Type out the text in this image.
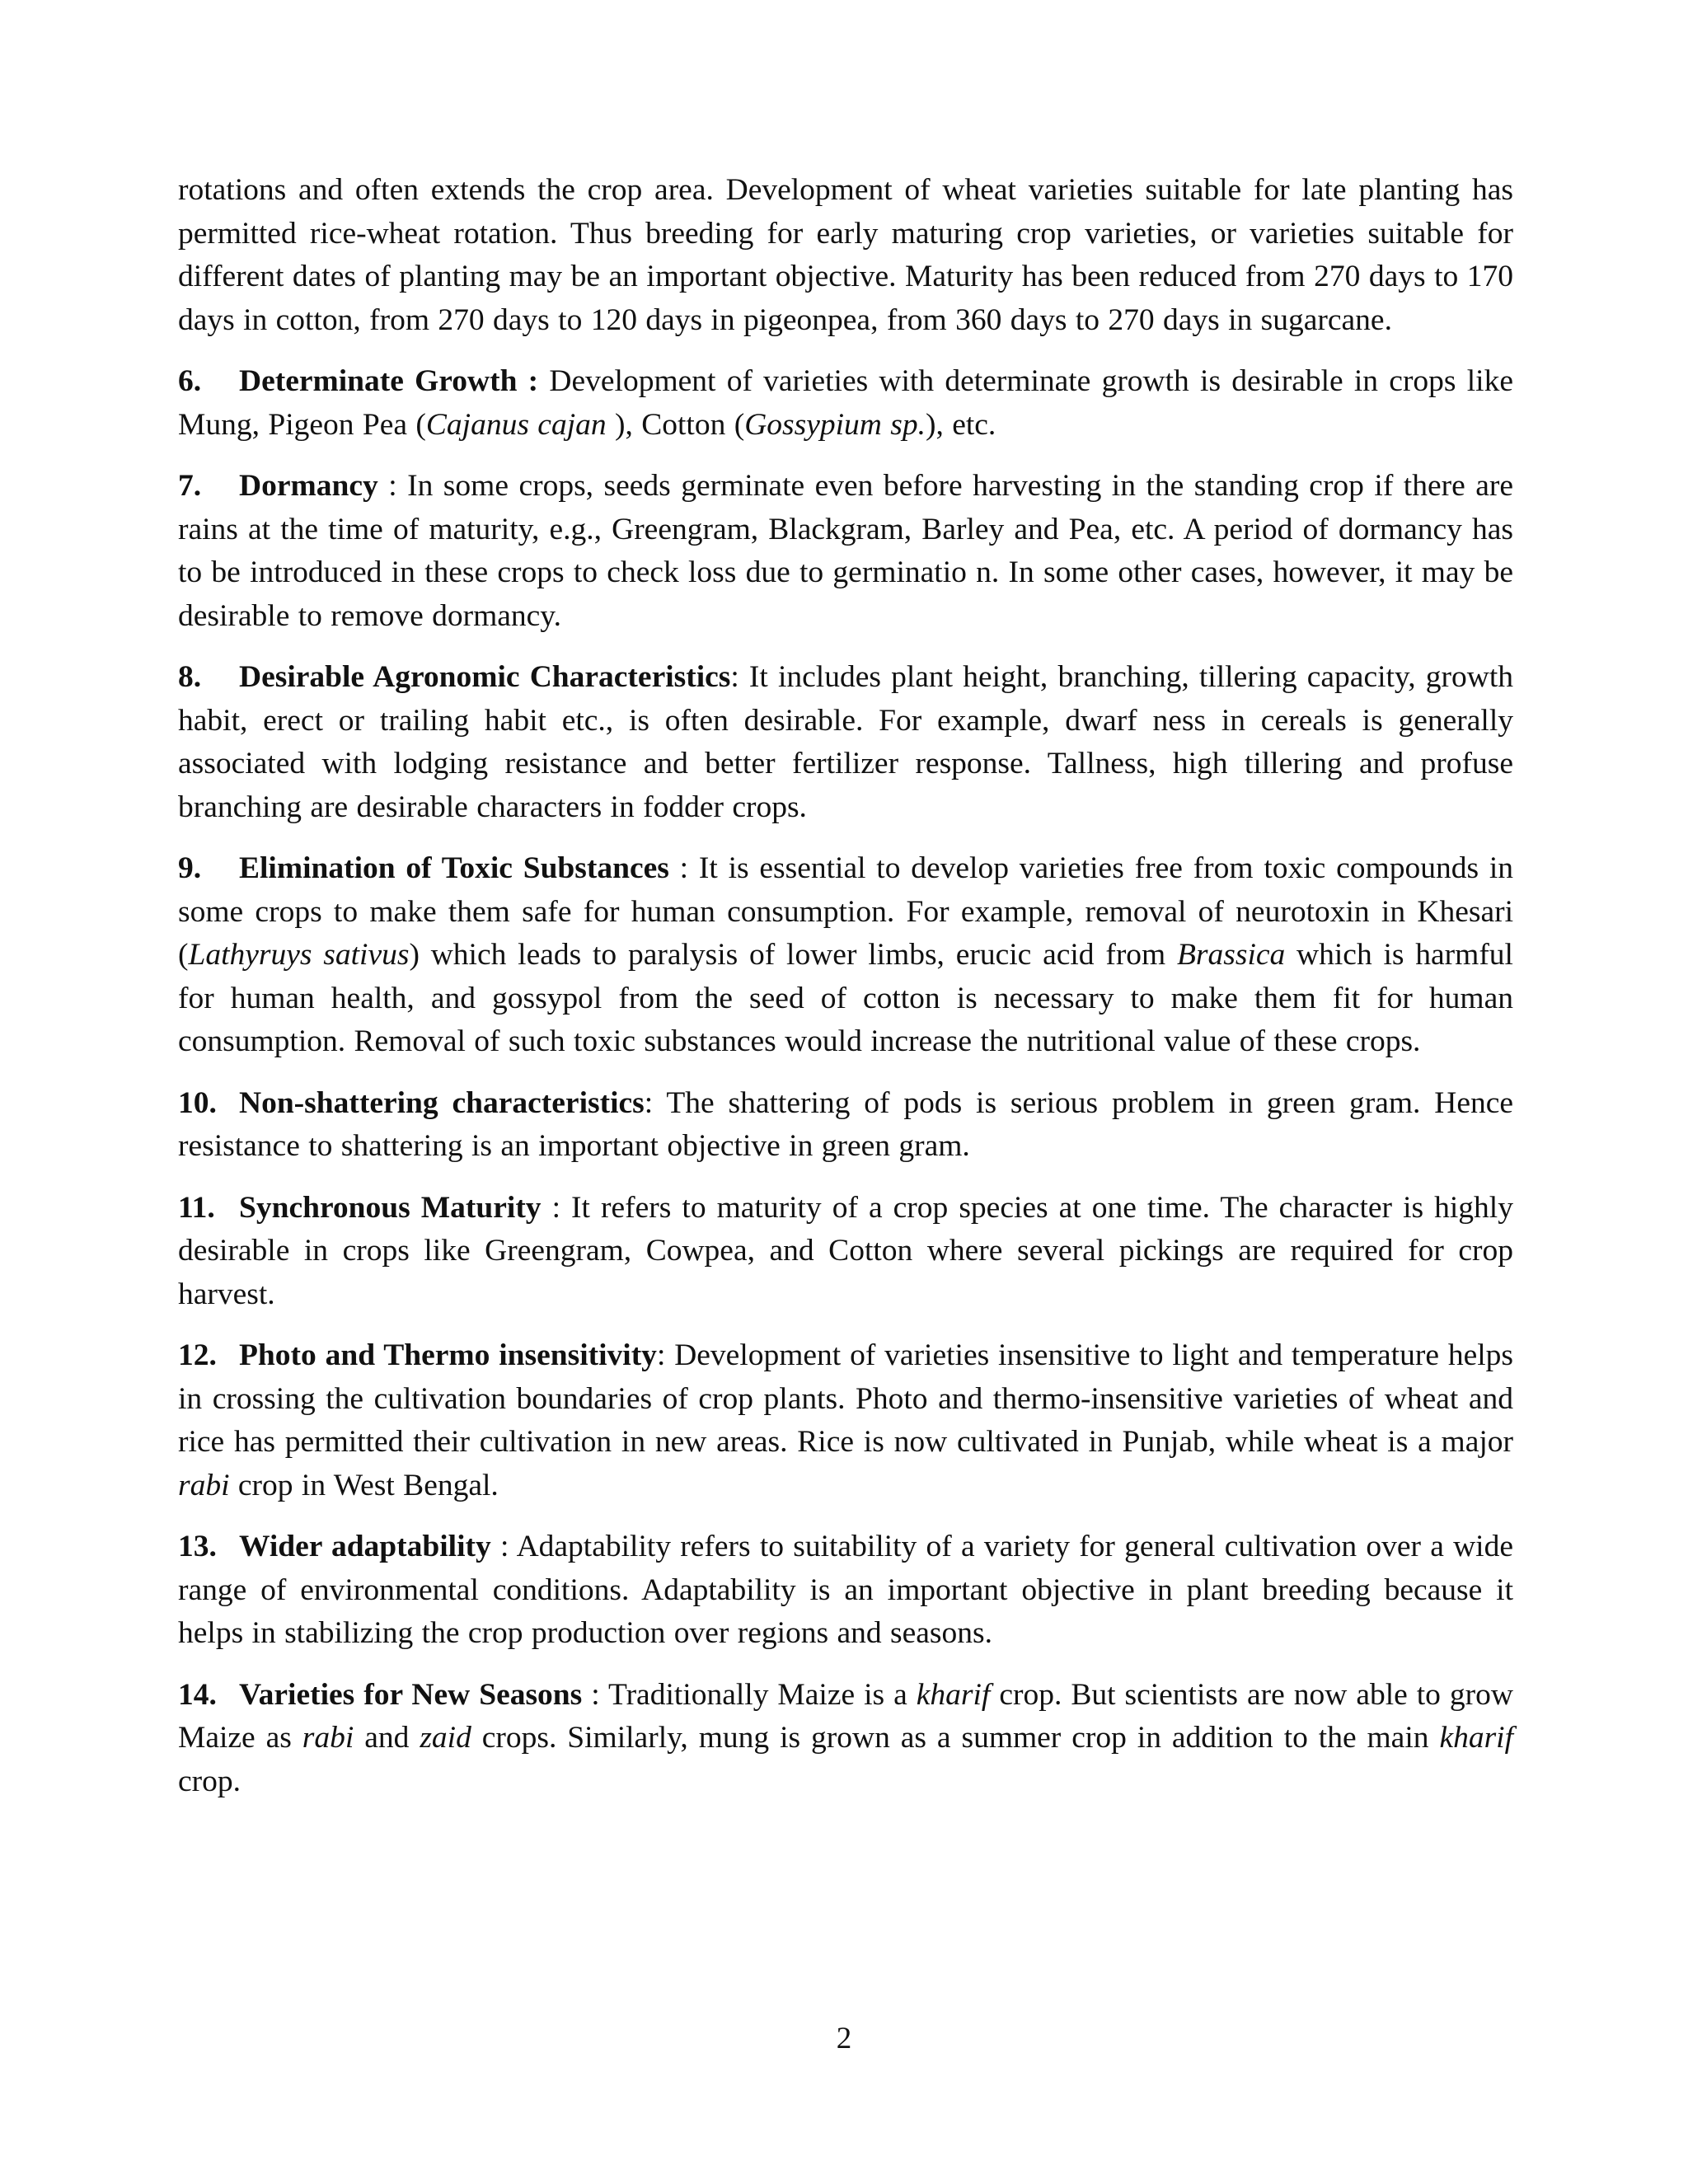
rotations and often extends the crop area. Development of wheat varieties suitable for late planting has permitted rice-wheat rotation. Thus breeding for early maturing crop varieties, or varieties suitable for different dates of planting may be an important objective. Maturity has been reduced from 270 days to 170 days in cotton, from 270 days to 120 days in pigeonpea, from 360 days to 270 days in sugarcane.

6. Determinate Growth : Development of varieties with determinate growth is desirable in crops like Mung, Pigeon Pea (Cajanus cajan ), Cotton (Gossypium sp.), etc.

7. Dormancy : In some crops, seeds germinate even before harvesting in the standing crop if there are rains at the time of maturity, e.g., Greengram, Blackgram, Barley and Pea, etc. A period of dormancy has to be introduced in these crops to check loss due to germinatio n. In some other cases, however, it may be desirable to remove dormancy.

8. Desirable Agronomic Characteristics: It includes plant height, branching, tillering capacity, growth habit, erect or trailing habit etc., is often desirable. For example, dwarf ness in cereals is generally associated with lodging resistance and better fertilizer response. Tallness, high tillering and profuse branching are desirable characters in fodder crops.

9. Elimination of Toxic Substances : It is essential to develop varieties free from toxic compounds in some crops to make them safe for human consumption. For example, removal of neurotoxin in Khesari (Lathyruys sativus) which leads to paralysis of lower limbs, erucic acid from Brassica which is harmful for human health, and gossypol from the seed of cotton is necessary to make them fit for human consumption. Removal of such toxic substances would increase the nutritional value of these crops.

10. Non-shattering characteristics: The shattering of pods is serious problem in green gram. Hence resistance to shattering is an important objective in green gram.

11. Synchronous Maturity : It refers to maturity of a crop species at one time. The character is highly desirable in crops like Greengram, Cowpea, and Cotton where several pickings are required for crop harvest.

12. Photo and Thermo insensitivity: Development of varieties insensitive to light and temperature helps in crossing the cultivation boundaries of crop plants. Photo and thermo-insensitive varieties of wheat and rice has permitted their cultivation in new areas. Rice is now cultivated in Punjab, while wheat is a major rabi crop in West Bengal.

13. Wider adaptability : Adaptability refers to suitability of a variety for general cultivation over a wide range of environmental conditions. Adaptability is an important objective in plant breeding because it helps in stabilizing the crop production over regions and seasons.

14. Varieties for New Seasons : Traditionally Maize is a kharif crop. But scientists are now able to grow Maize as rabi and zaid crops. Similarly, mung is grown as a summer crop in addition to the main kharif crop.

2
